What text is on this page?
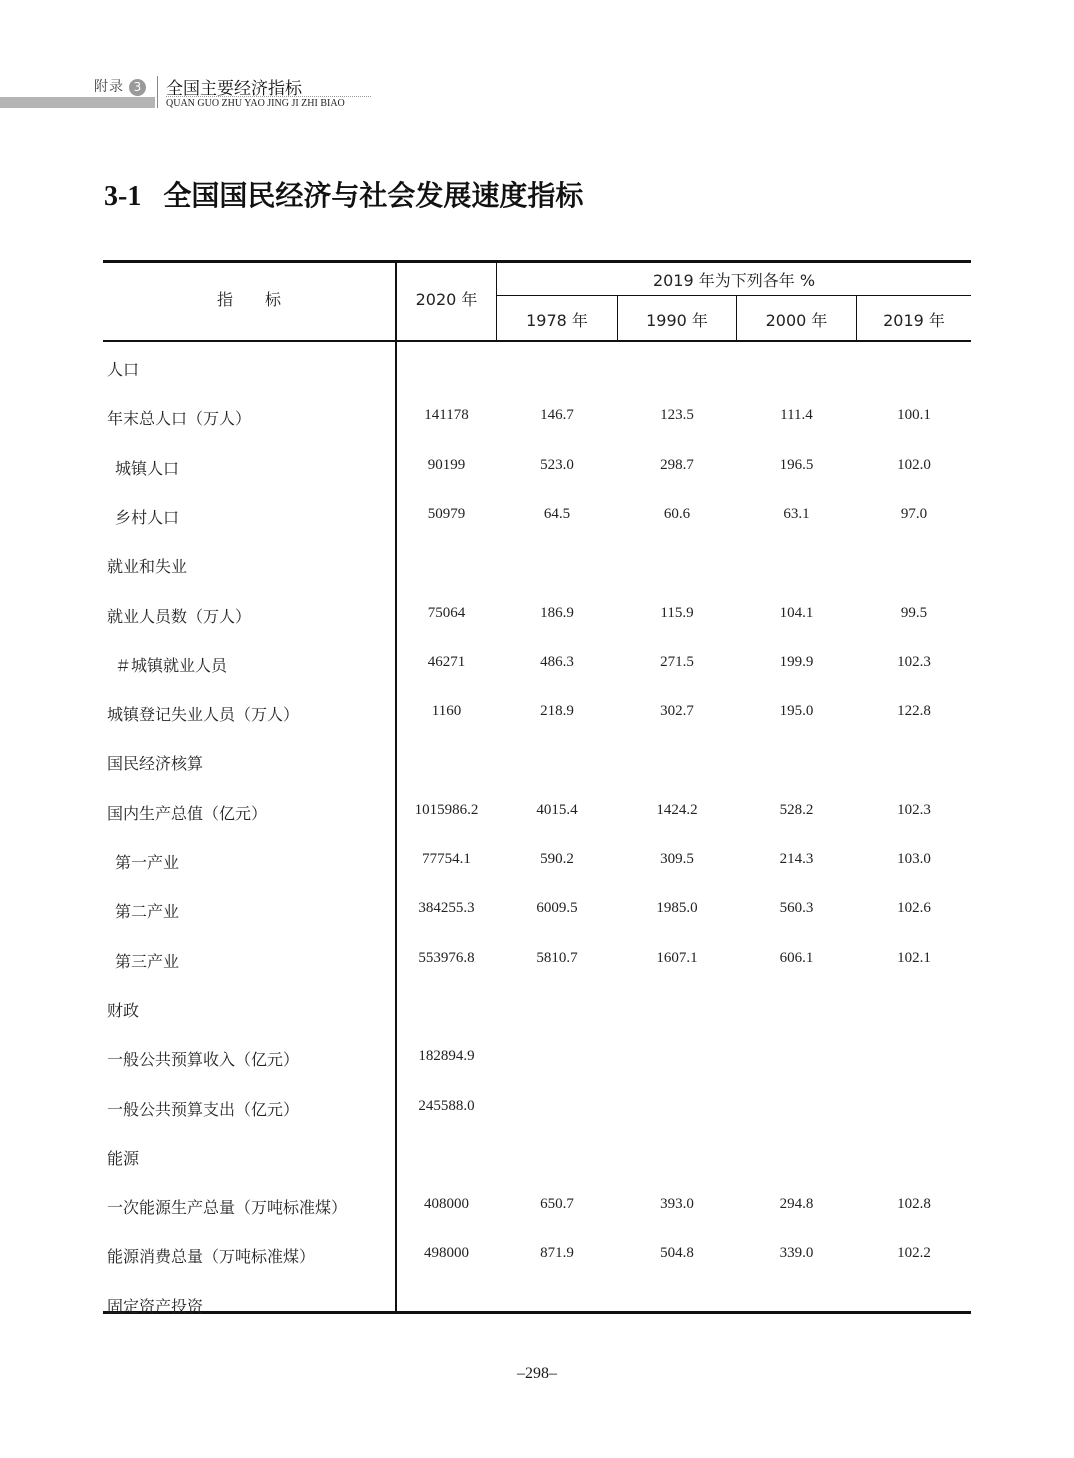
附录 3 全国主要经济指标
QUAN GUO ZHU YAO JING JI ZHI BIAO
3-1 全国国民经济与社会发展速度指标
指　　标	2020 年
2019 年为下列各年 %
1978 年	1990 年	2000 年	2019 年
人口
年末总人口（万人）	141178	146.7	123.5	111.4	100.1
城镇人口	90199	523.0	298.7	196.5	102.0
乡村人口	50979	64.5	60.6	63.1	97.0
就业和失业
就业人员数（万人）	75064	186.9	115.9	104.1	99.5
＃城镇就业人员	46271	486.3	271.5	199.9	102.3
城镇登记失业人员（万人）	1160	218.9	302.7	195.0	122.8
国民经济核算
国内生产总值（亿元）	1015986.2	4015.4	1424.2	528.2	102.3
第一产业	77754.1	590.2	309.5	214.3	103.0
第二产业	384255.3	6009.5	1985.0	560.3	102.6
第三产业	553976.8	5810.7	1607.1	606.1	102.1
财政
一般公共预算收入（亿元）	182894.9
一般公共预算支出（亿元）	245588.0
能源
一次能源生产总量（万吨标准煤）	408000	650.7	393.0	294.8	102.8
能源消费总量（万吨标准煤）	498000	871.9	504.8	339.0	102.2
固定资产投资
–298–
